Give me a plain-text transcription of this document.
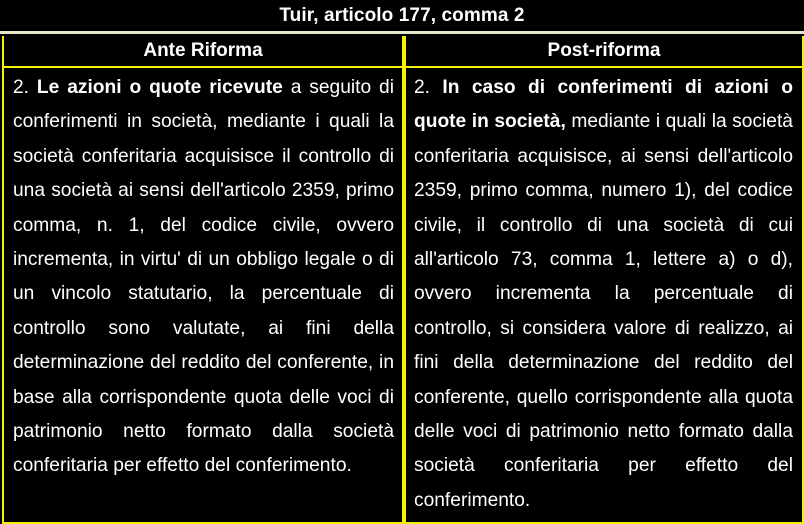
Tuir, articolo 177, comma 2
Ante Riforma
2. Le azioni o quote ricevute a seguito di conferimenti in società, mediante i quali la società conferitaria acquisisce il controllo di una società ai sensi dell'articolo 2359, primo comma, n. 1, del codice civile, ovvero incrementa, in virtu' di un obbligo legale o di un vincolo statutario, la percentuale di controllo sono valutate, ai fini della determinazione del reddito del conferente, in base alla corrispondente quota delle voci di patrimonio netto formato dalla società conferitaria per effetto del conferimento.
Post-riforma
2. In caso di conferimenti di azioni o quote in società, mediante i quali la società conferitaria acquisisce, ai sensi dell'articolo 2359, primo comma, numero 1), del codice civile, il controllo di una società di cui all'articolo 73, comma 1, lettere a) o d), ovvero incrementa la percentuale di controllo, si considera valore di realizzo, ai fini della determinazione del reddito del conferente, quello corrispondente alla quota delle voci di patrimonio netto formato dalla società conferitaria per effetto del conferimento.
